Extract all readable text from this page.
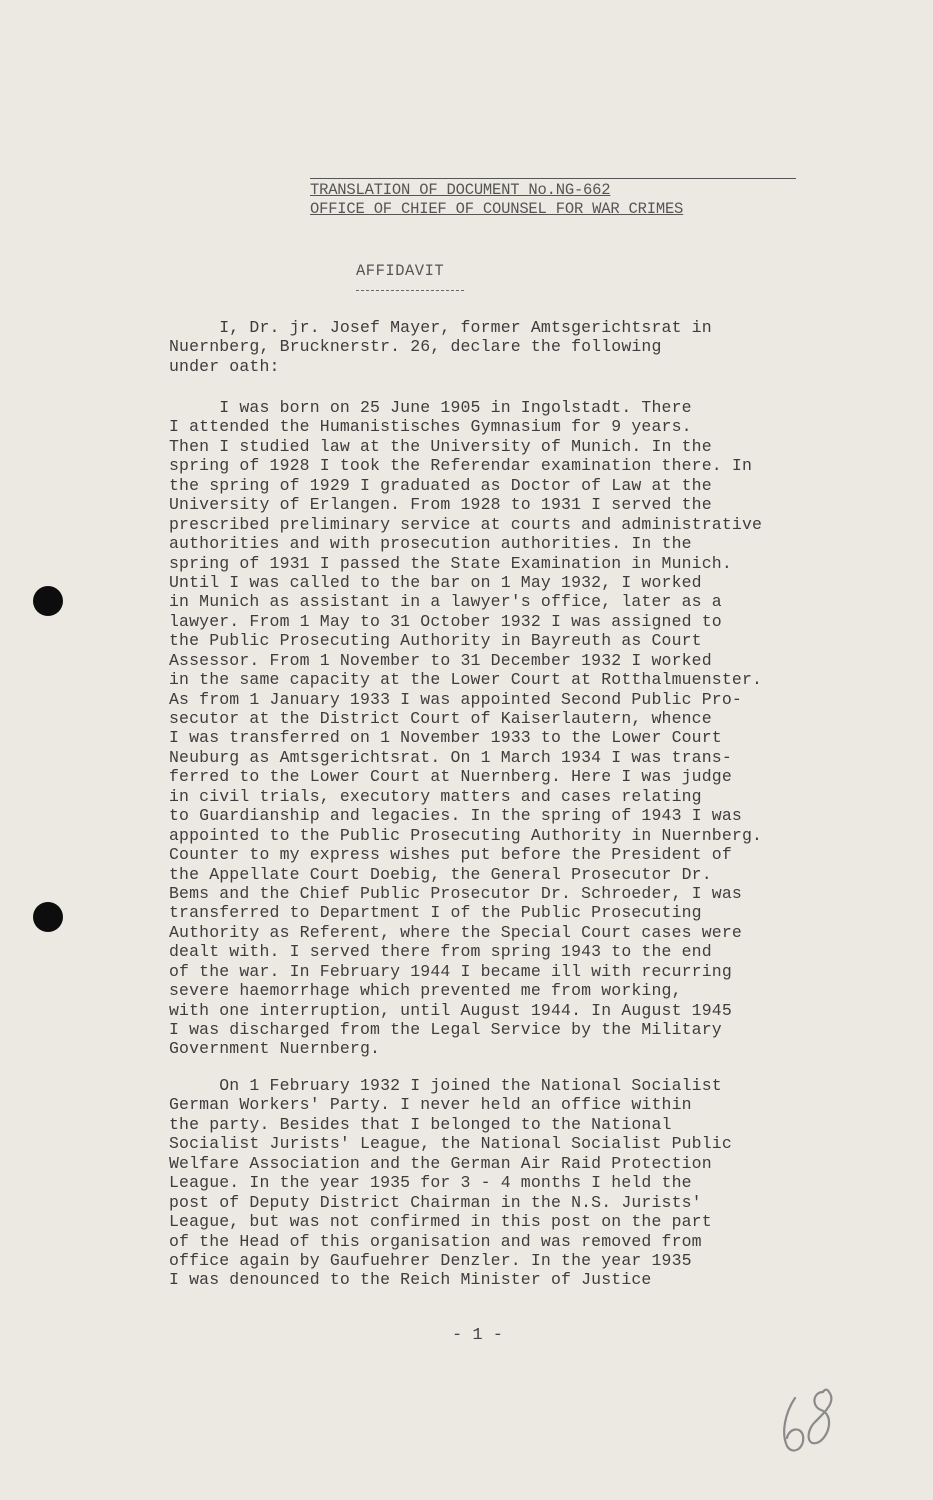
TRANSLATION OF DOCUMENT No.NG-662
OFFICE OF CHIEF OF COUNSEL FOR WAR CRIMES
AFFIDAVIT
I, Dr. jr. Josef Mayer, former Amtsgerichtsrat in
Nuernberg, Brucknerstr. 26, declare the following
under oath:
I was born on 25 June 1905 in Ingolstadt. There
I attended the Humanistisches Gymnasium for 9 years.
Then I studied law at the University of Munich. In the
spring of 1928 I took the Referendar examination there. In
the spring of 1929 I graduated as Doctor of Law at the
University of Erlangen. From 1928 to 1931 I served the
prescribed preliminary service at courts and administrative
authorities and with prosecution authorities. In the
spring of 1931 I passed the State Examination in Munich.
Until I was called to the bar on 1 May 1932, I worked
in Munich as assistant in a lawyer's office, later as a
lawyer. From 1 May to 31 October 1932 I was assigned to
the Public Prosecuting Authority in Bayreuth as Court
Assessor. From 1 November to 31 December 1932 I worked
in the same capacity at the Lower Court at Rotthalmuenster.
As from 1 January 1933 I was appointed Second Public Pro-
secutor at the District Court of Kaiserlautern, whence
I was transferred on 1 November 1933 to the Lower Court
Neuburg as Amtsgerichtsrat. On 1 March 1934 I was trans-
ferred to the Lower Court at Nuernberg. Here I was judge
in civil trials, executory matters and cases relating
to Guardianship and legacies. In the spring of 1943 I was
appointed to the Public Prosecuting Authority in Nuernberg.
Counter to my express wishes put before the President of
the Appellate Court Doebig, the General Prosecutor Dr.
Bems and the Chief Public Prosecutor Dr. Schroeder, I was
transferred to Department I of the Public Prosecuting
Authority as Referent, where the Special Court cases were
dealt with. I served there from spring 1943 to the end
of the war. In February 1944 I became ill with recurring
severe haemorrhage which prevented me from working,
with one interruption, until August 1944. In August 1945
I was discharged from the Legal Service by the Military
Government Nuernberg.
On 1 February 1932 I joined the National Socialist
German Workers' Party. I never held an office within
the party. Besides that I belonged to the National
Socialist Jurists' League, the National Socialist Public
Welfare Association and the German Air Raid Protection
League. In the year 1935 for 3 - 4 months I held the
post of Deputy District Chairman in the N.S. Jurists'
League, but was not confirmed in this post on the part
of the Head of this organisation and was removed from
office again by Gaufuehrer Denzler. In the year 1935
I was denounced to the Reich Minister of Justice
- 1 -
